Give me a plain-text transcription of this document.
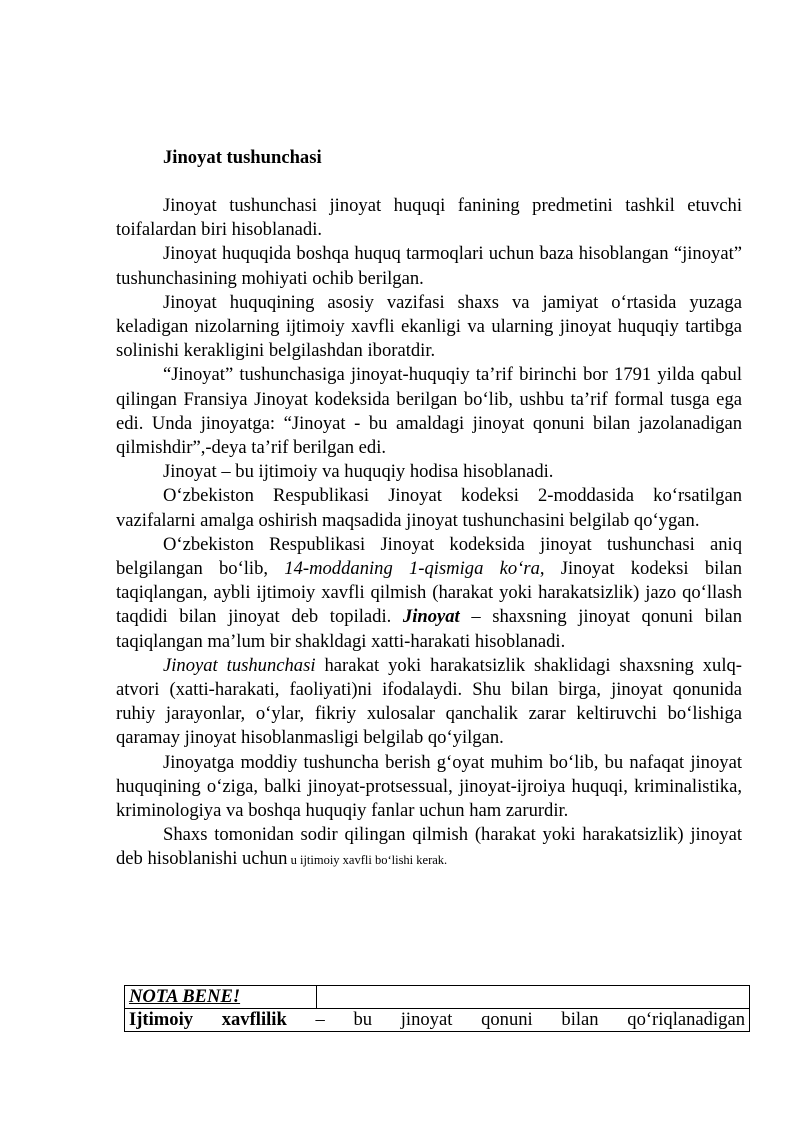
Jinoyat tushunchasi

Jinoyat tushunchasi jinoyat huquqi fanining predmetini tashkil etuvchi toifalardan biri hisoblanadi.

Jinoyat huquqida boshqa huquq tarmoqlari uchun baza hisoblangan “jinoyat” tushunchasining mohiyati ochib berilgan.

Jinoyat huquqining asosiy vazifasi shaxs va jamiyat o‘rtasida yuzaga keladigan nizolarning ijtimoiy xavfli ekanligi va ularning jinoyat huquqiy tartibga solinishi kerakligini belgilashdan iboratdir.

“Jinoyat” tushunchasiga jinoyat-huquqiy ta’rif birinchi bor 1791 yilda qabul qilingan Fransiya Jinoyat kodeksida berilgan bo‘lib, ushbu ta’rif formal tusga ega edi. Unda jinoyatga: “Jinoyat - bu amaldagi jinoyat qonuni bilan jazolanadigan qilmishdir”,-deya ta’rif berilgan edi.

Jinoyat – bu ijtimoiy va huquqiy hodisa hisoblanadi.

O‘zbekiston Respublikasi Jinoyat kodeksi 2-moddasida ko‘rsatilgan vazifalarni amalga oshirish maqsadida jinoyat tushunchasini belgilab qo‘ygan.

O‘zbekiston Respublikasi Jinoyat kodeksida jinoyat tushunchasi aniq belgilangan bo‘lib, 14-moddaning 1-qismiga ko‘ra, Jinoyat kodeksi bilan taqiqlangan, aybli ijtimoiy xavfli qilmish (harakat yoki harakatsizlik) jazo qo‘llash taqdidi bilan jinoyat deb topiladi. Jinoyat – shaxsning jinoyat qonuni bilan taqiqlangan ma’lum bir shakldagi xatti-harakati hisoblanadi.

Jinoyat tushunchasi harakat yoki harakatsizlik shaklidagi shaxsning xulq-atvori (xatti-harakati, faoliyati)ni ifodalaydi. Shu bilan birga, jinoyat qonunida ruhiy jarayonlar, o‘ylar, fikriy xulosalar qanchalik zarar keltiruvchi bo‘lishiga qaramay jinoyat hisoblanmasligi belgilab qo‘yilgan.

Jinoyatga moddiy tushuncha berish g‘oyat muhim bo‘lib, bu nafaqat jinoyat huquqining o‘ziga, balki jinoyat-protsessual, jinoyat-ijroiya huquqi, kriminalistika, kriminologiya va boshqa huquqiy fanlar uchun ham zarurdir.

Shaxs tomonidan sodir qilingan qilmish (harakat yoki harakatsizlik) jinoyat deb hisoblanishi uchun u ijtimoiy xavfli bo‘lishi kerak.

NOTA BENE!	
Ijtimoiy xavflilik – bu jinoyat qonuni bilan qo‘riqlanadigan
